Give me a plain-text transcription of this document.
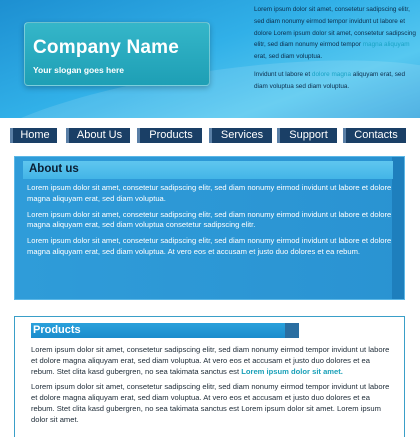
Company Name
Your slogan goes here

Lorem ipsum dolor sit amet, consetetur sadipscing elitr, sed diam nonumy eirmod tempor invidunt ut labore et dolore Lorem ipsum dolor sit amet, consetetur sadipscing elitr, sed diam nonumy eirmod tempor magna aliquyam erat, sed diam voluptua.

Invidunt ut labore et dolore magna aliquyam erat, sed diam voluptua sed diam voluptua.

Home	About Us	Products	Services	Support	Contacts
About us

Lorem ipsum dolor sit amet, consetetur sadipscing elitr, sed diam nonumy eirmod invidunt ut labore et dolore magna aliquyam erat, sed diam voluptua.

Lorem ipsum dolor sit amet, consetetur sadipscing elitr, sed diam nonumy eirmod invidunt ut labore et dolore magna aliquyam erat, sed diam voluptua consetetur sadipscing elitr.

Lorem ipsum dolor sit amet, consetetur sadipscing elitr, sed diam nonumy eirmod invidunt ut labore et dolore magna aliquyam erat, sed diam voluptua. At vero eos et accusam et justo duo dolores et ea rebum.

Products

Lorem ipsum dolor sit amet, consetetur sadipscing elitr, sed diam nonumy eirmod tempor invidunt ut labore et dolore magna aliquyam erat, sed diam voluptua. At vero eos et accusam et justo duo dolores et ea rebum. Stet clita kasd gubergren, no sea takimata sanctus est Lorem ipsum dolor sit amet.

Lorem ipsum dolor sit amet, consetetur sadipscing elitr, sed diam nonumy eirmod tempor invidunt ut labore et dolore magna aliquyam erat, sed diam voluptua. At vero eos et accusam et justo duo dolores et ea rebum. Stet clita kasd gubergren, no sea takimata sanctus est Lorem ipsum dolor sit amet. Lorem ipsum dolor sit amet.
